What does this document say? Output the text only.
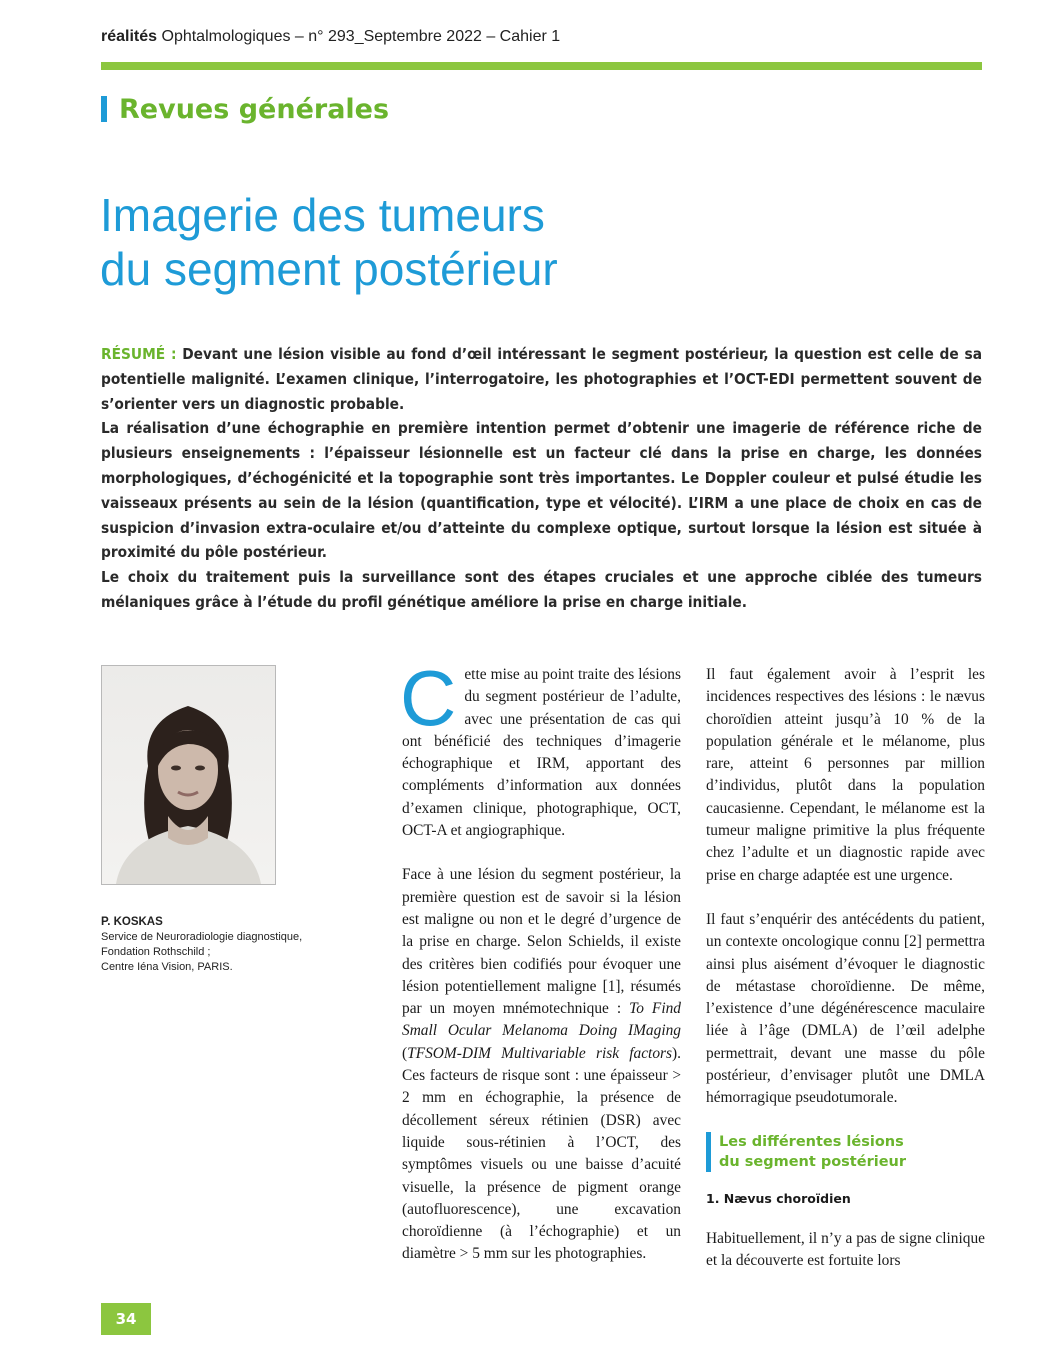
réalités Ophtalmologiques – n° 293_Septembre 2022 – Cahier 1
Revues générales
Imagerie des tumeurs
du segment postérieur

RÉSUMÉ : Devant une lésion visible au fond d’œil intéressant le segment postérieur, la question est celle de sa potentielle malignité. L’examen clinique, l’interrogatoire, les photographies et l’OCT-EDI permettent souvent de s’orienter vers un diagnostic probable.

La réalisation d’une échographie en première intention permet d’obtenir une imagerie de référence riche de plusieurs enseignements : l’épaisseur lésionnelle est un facteur clé dans la prise en charge, les données morphologiques, d’échogénicité et la topographie sont très importantes. Le Doppler couleur et pulsé étudie les vaisseaux présents au sein de la lésion (quantification, type et vélocité). L’IRM a une place de choix en cas de suspicion d’invasion extra-oculaire et/ou d’atteinte du complexe optique, surtout lorsque la lésion est située à proximité du pôle postérieur.

Le choix du traitement puis la surveillance sont des étapes cruciales et une approche ciblée des tumeurs mélaniques grâce à l’étude du profil génétique améliore la prise en charge initiale.

P. KOSKAS
Service de Neuroradiologie diagnostique,
Fondation Rothschild ;
Centre Iéna Vision, PARIS.

Cette mise au point traite des lésions du segment postérieur de l’adulte, avec une présentation de cas qui ont bénéficié des techniques d’imagerie échographique et IRM, apportant des compléments d’information aux données d’examen clinique, photographique, OCT, OCT-A et angiographique.

Face à une lésion du segment postérieur, la première question est de savoir si la lésion est maligne ou non et le degré d’urgence de la prise en charge. Selon Schields, il existe des critères bien codifiés pour évoquer une lésion potentiellement maligne [1], résumés par un moyen mnémotechnique : To Find Small Ocular Melanoma Doing IMaging (TFSOM-DIM Multivariable risk factors). Ces facteurs de risque sont : une épaisseur > 2 mm en échographie, la présence de décollement séreux rétinien (DSR) avec liquide sous-rétinien à l’OCT, des symptômes visuels ou une baisse d’acuité visuelle, la présence de pigment orange (autofluorescence), une excavation choroïdienne (à l’échographie) et un diamètre > 5 mm sur les photographies.

Il faut également avoir à l’esprit les incidences respectives des lésions : le nævus choroïdien atteint jusqu’à 10 % de la population générale et le mélanome, plus rare, atteint 6 personnes par million d’individus, plutôt dans la population caucasienne. Cependant, le mélanome est la tumeur maligne primitive la plus fréquente chez l’adulte et un diagnostic rapide avec prise en charge adaptée est une urgence.

Il faut s’enquérir des antécédents du patient, un contexte oncologique connu [2] permettra ainsi plus aisément d’évoquer le diagnostic de métastase choroïdienne. De même, l’existence d’une dégénérescence maculaire liée à l’âge (DMLA) de l’œil adelphe permettrait, devant une masse du pôle postérieur, d’envisager plutôt une DMLA hémorragique pseudotumorale.

Les différentes lésions
du segment postérieur

1. Nævus choroïdien

Habituellement, il n’y a pas de signe clinique et la découverte est fortuite lors

34
